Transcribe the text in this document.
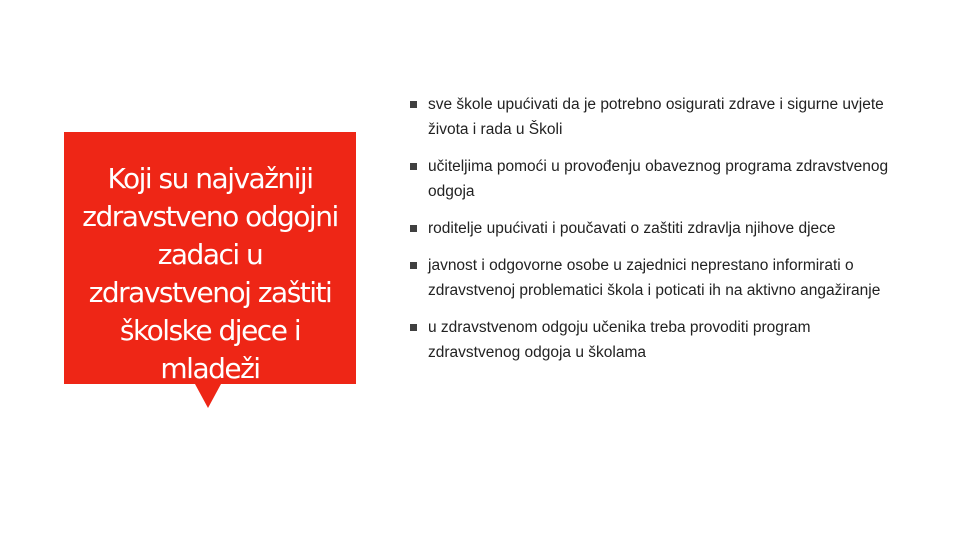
Koji su najvažniji zdravstveno odgojni zadaci u zdravstvenoj zaštiti školske djece i mladeži
sve škole upućivati da je potrebno osigurati zdrave i sigurne uvjete života i rada u Školi
učiteljima pomoći u provođenju obaveznog programa zdravstvenog odgoja
roditelje upućivati i poučavati o zaštiti zdravlja njihove djece
javnost i odgovorne osobe u zajednici neprestano informirati o zdravstvenoj problematici škola i poticati ih na aktivno angažiranje
u zdravstvenom odgoju učenika treba provoditi program zdravstvenog odgoja u školama
